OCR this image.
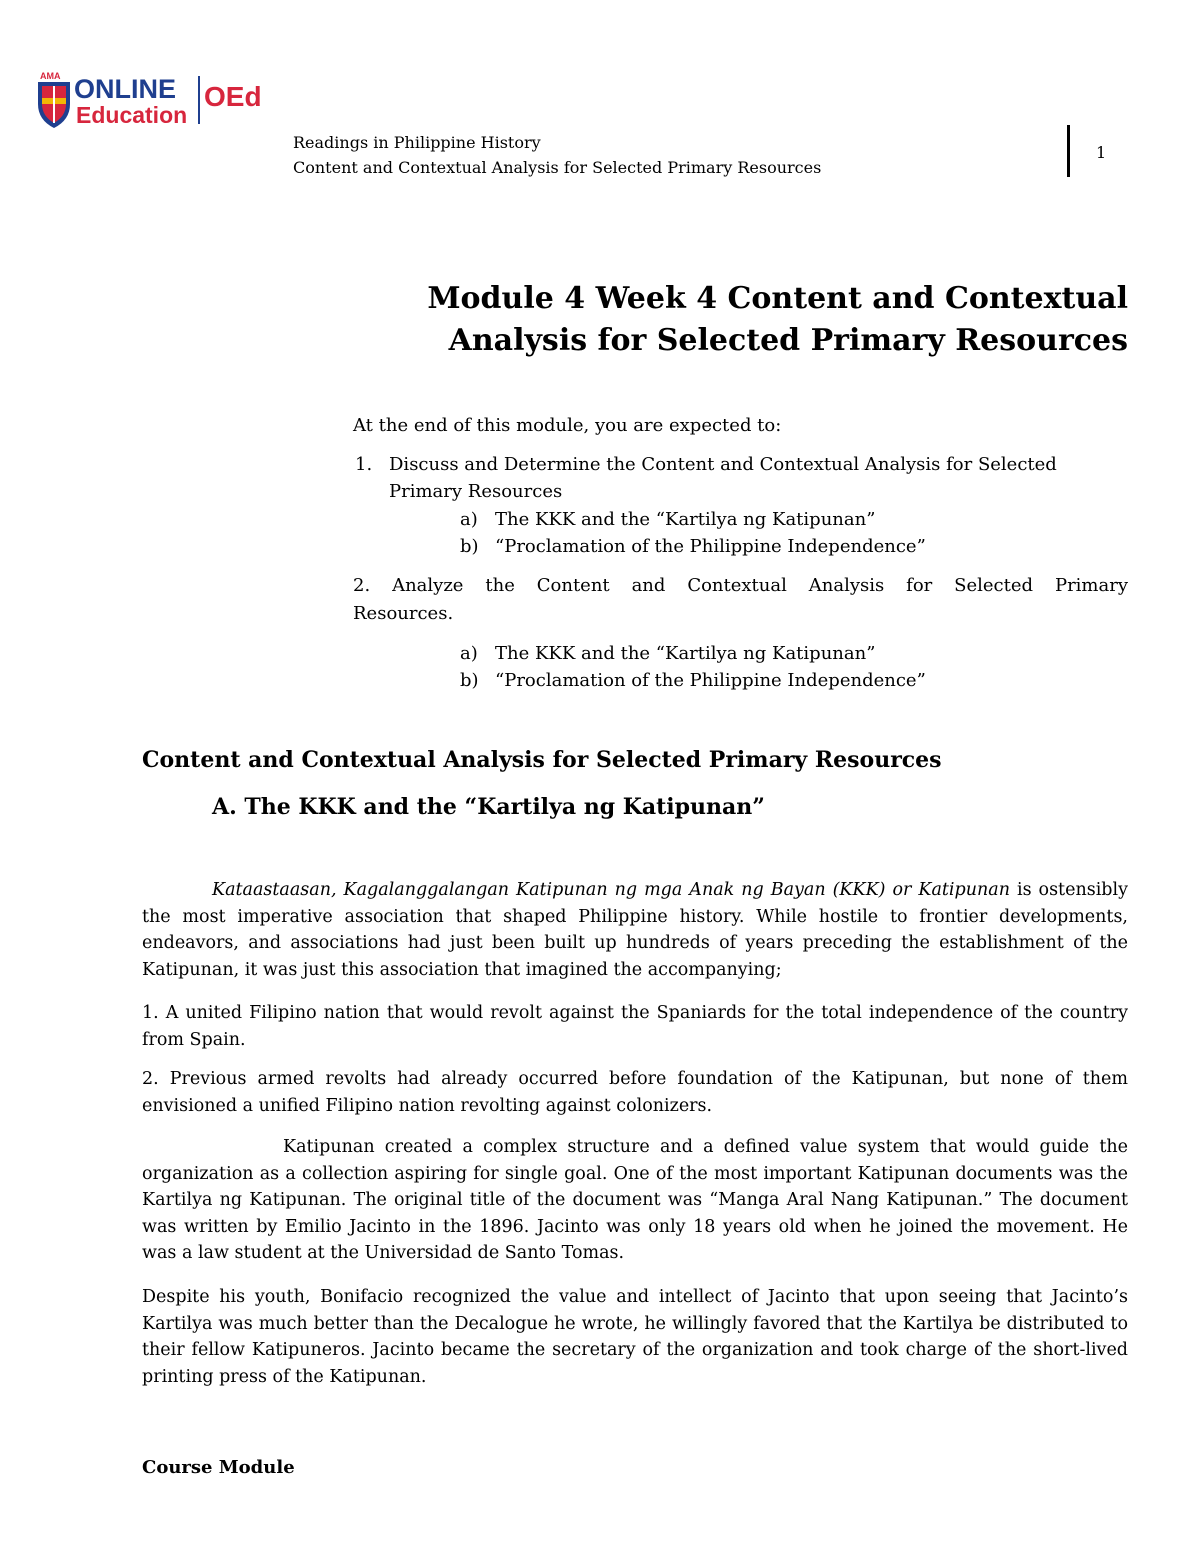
AMA ONLINE
Education
OEd
Readings in Philippine History
Content and Contextual Analysis for Selected Primary Resources
1
Module 4 Week 4 Content and Contextual
Analysis for Selected Primary Resources

At the end of this module, you are expected to:

1. Discuss and Determine the Content and Contextual Analysis for Selected

Primary Resources

a) The KKK and the “Kartilya ng Katipunan”

b) “Proclamation of the Philippine Independence”

2. Analyze the Content and Contextual Analysis for Selected Primary

Resources.

a) The KKK and the “Kartilya ng Katipunan”

b) “Proclamation of the Philippine Independence”

Content and Contextual Analysis for Selected Primary Resources
A. The KKK and the “Kartilya ng Katipunan”

Kataastaasan, Kagalanggalangan Katipunan ng mga Anak ng Bayan (KKK) or Katipunan is ostensibly the most imperative association that shaped Philippine history. While hostile to frontier developments, endeavors, and associations had just been built up hundreds of years preceding the establishment of the Katipunan, it was just this association that imagined the accompanying;

1. A united Filipino nation that would revolt against the Spaniards for the total independence of the country from Spain.

2. Previous armed revolts had already occurred before foundation of the Katipunan, but none of them envisioned a unified Filipino nation revolting against colonizers.

Katipunan created a complex structure and a defined value system that would guide the organization as a collection aspiring for single goal. One of the most important Katipunan documents was the Kartilya ng Katipunan. The original title of the document was “Manga Aral Nang Katipunan.” The document was written by Emilio Jacinto in the 1896. Jacinto was only 18 years old when he joined the movement. He was a law student at the Universidad de Santo Tomas.

Despite his youth, Bonifacio recognized the value and intellect of Jacinto that upon seeing that Jacinto’s Kartilya was much better than the Decalogue he wrote, he willingly favored that the Kartilya be distributed to their fellow Katipuneros. Jacinto became the secretary of the organization and took charge of the short-lived printing press of the Katipunan.

Course Module
